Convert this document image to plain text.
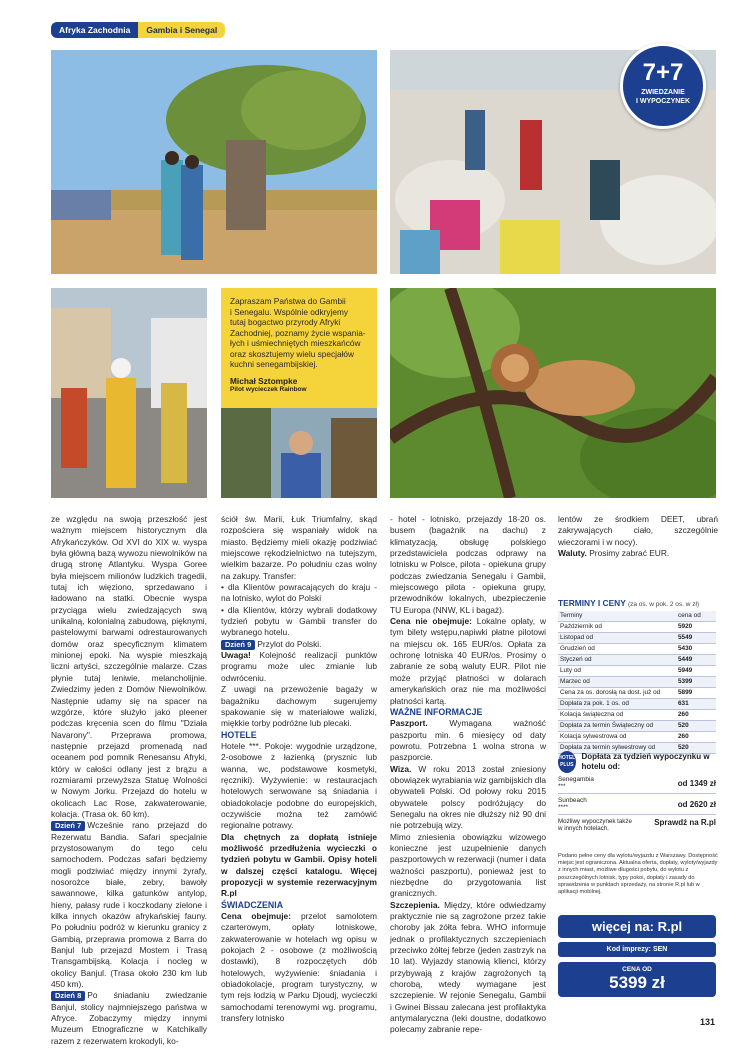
Afryka Zachodnia	Gambia i Senegal
7+7
ZWIEDZANIE
I WYPOCZYNEK
Zapraszam Państwa do Gambii
i Senegalu. Wspólnie odkryjemy
tutaj bogactwo przyrody Afryki
Zachodniej, poznamy życie wspania-
łych i uśmiechniętych mieszkańców
oraz skosztujemy wielu specjałów
kuchni senegambijskiej.
Michał Sztompke
Pilot wycieczek Rainbow

ze względu na swoją przeszłość jest ważnym miejscem historycznym dla Afrykańczyków. Od XVI do XIX w. wyspa była główną bazą wywozu niewolników na drugą stronę Atlantyku. Wyspa Goree była miejscem milionów ludzkich tragedii, tutaj ich więziono, sprzedawano i ładowano na statki. Obecnie wyspa przyciąga wielu zwiedzających swą unikalną, kolonialną zabudową, pięknymi, pastelowymi barwami odrestaurowanych domów oraz specyficznym klimatem minionej epoki. Na wyspie mieszkają liczni artyści, szczególnie malarze. Czas płynie tutaj leniwie, melancholijnie. Zwiedzimy jeden z Domów Niewolników. Następnie udamy się na spacer na wzgórze, które służyło jako pleener podczas kręcenia scen do filmu "Działa Navarony". Przeprawa promowa, następnie przejazd promenadą nad oceanem pod pomnik Renesansu Afryki, który w całości odlany jest z brązu a rozmiarami przewyższa Statuę Wolności w Nowym Jorku. Przejazd do hotelu w okolicach Lac Rose, zakwaterowanie, kolacja. (Trasa ok. 60 km).

Dzień 7 Wcześnie rano przejazd do Rezerwatu Bandia. Safari specjalnie przystosowanym do tego celu samochodem. Podczas safari będziemy mogli podziwiać między innymi żyrafy, nosorożce białe, zebry, bawoły sawannowe, kilka gatunków antylop, hieny, pałasy rude i koczkodany zielone i kilka innych okazów afrykańskiej fauny. Po południu podróż w kierunku granicy z Gambią, przeprawa promowa z Barra do Banjul lub przejazd Mostem i Trasą Transgambijską. Kolacja i nocleg w okolicy Banjul. (Trasa około 230 km lub 450 km).

Dzień 8 Po śniadaniu zwiedzanie Banjul, stolicy najmniejszego państwa w Afryce. Zobaczymy między innymi Muzeum Etnograficzne w Katchikally razem z rezerwatem krokodyli, ko-

ściół św. Marii, Łuk Triumfalny, skąd rozpościera się wspaniały widok na miasto. Będziemy mieli okazję podziwiać miejscowe rękodzielnictwo na tutejszym, wielkim bazarze. Po południu czas wolny na zakupy. Transfer:

• dla Klientów powracających do kraju - na lotnisko, wylot do Polski

• dla Klientów, którzy wybrali dodatkowy tydzień pobytu w Gambii transfer do wybranego hotelu.

Dzień 9 Przylot do Polski.

Uwaga! Kolejność realizacji punktów programu może ulec zmianie lub odwróceniu.

Z uwagi na przewożenie bagaży w bagażniku dachowym sugerujemy spakowanie się w materiałowe walizki, miękkie torby podróżne lub plecaki.

HOTELE

Hotele ***. Pokoje: wygodnie urządzone, 2-osobowe z łazienką (prysznic lub wanna, wc, podstawowe kosmetyki, ręczniki). Wyżywienie: w restauracjach hotelowych serwowane są śniadania i obiadokolacje podobne do europejskich, oczywiście można też zamówić regionalne potrawy.

Dla chętnych za dopłatą istnieje możliwość przedłużenia wycieczki o tydzień pobytu w Gambii. Opisy hoteli w dalszej części katalogu. Więcej propozycji w systemie rezerwacyjnym R.pl

ŚWIADCZENIA

Cena obejmuje: przelot samolotem czarterowym, opłaty lotniskowe, zakwaterowanie w hotelach wg opisu w pokojach 2 - osobowe (z możliwością dostawki), 8 rozpoczętych dób hotelowych, wyżywienie: śniadania i obiadokolacje, program turystyczny, w tym rejs łodzią w Parku Djoudj, wycieczki samochodami terenowymi wg. programu, transfery lotnisko

- hotel - lotnisko, przejazdy 18-20 os. busem (bagażnik na dachu) z klimatyzacją, obsługę polskiego przedstawiciela podczas odprawy na lotnisku w Polsce, pilota - opiekuna grupy podczas zwiedzania Senegalu i Gambii, miejscowego pilota - opiekuna grupy, przewodników lokalnych, ubezpieczenie TU Europa (NNW, KL i bagaż).

Cena nie obejmuje: Lokalne opłaty, w tym bilety wstępu,napiwki płatne pilotowi na miejscu ok. 165 EUR/os. Opłata za ochronę lotniska 40 EUR/os. Prosimy o zabranie ze sobą waluty EUR. Pilot nie może przyjąć płatności w dolarach amerykańskich oraz nie ma możliwości płatności kartą.

WAŻNE INFORMACJE

Paszport.	Wymagana ważność paszportu min. 6 miesięcy od daty powrotu. Potrzebna 1 wolna strona w paszporcie.

Wiza. W roku 2013 został zniesiony obowiązek wyrabiania wiz gambijskich dla obywateli Polski. Od połowy roku 2015 obywatele polscy podróżujący do Senegalu na okres nie dłuższy niż 90 dni nie potrzebują wizy.

Mimo zniesienia obowiązku wizowego konieczne jest uzupełnienie danych paszportowych w rezerwacji (numer i data ważności paszportu), ponieważ jest to niezbędne do przygotowania list granicznych.

Szczepienia. Między, które odwiedzamy praktycznie nie są zagrożone przez takie choroby jak żółta febra. WHO informuje jednak o profilaktycznych szczepieniach przeciwko żółtej febrze (jeden zastrzyk na 10 lat). Wyjazdy stanowią klienci, którzy przybywają z krajów zagrożonych tą chorobą, wtedy wymagane jest szczepienie. W rejonie Senegalu, Gambii i Gwinei Bissau zalecana jest profilaktyka antymalaryczna (leki doustne, dodatkowo polecamy zabranie repe-

lentów ze środkiem DEET, ubrań zakrywających ciało, szczególnie wieczorami i w nocy).

Waluty. Prosimy zabrać EUR.

TERMINY I CENY (za os. w pok. 2 os. w zł)
Terminy	cena od
Październik od	5920
Listopad od	5549
Grudzień od	5430
Styczeń od	5449
Luty od	5949
Marzec od	5399
Cena za os. dorosłą na dost. już od	5899
Dopłata za pok. 1 os. od	631
Kolacja świąteczna od	260
Dopłata za termin Świąteczny od	520
Kolacja sylwestrowa od	260
Dopłata za termin sylwestrowy od	520
HOTEL PLUS
Dopłata za tydzień wypoczynku w hotelu od:
Senegambia
***	od 1349 zł
Sunbeach
****	od 2620 zł
Możliwy wypoczynek także w innych hotelach.
Sprawdź na R.pl
Podano pełne ceny dla wylotu/wyjazdu z Warszawy. Dostępność miejsc jest ograniczona. Aktualna oferta, dopłaty, wyloty/wyjazdy z innych miast, możliwe długości pobytu, do wylotu z poszczególnych lotnisk, typy pokoi, dopłaty i zasady do sprawdzenia w punktach sprzedaży, na stronie R.pl lub w aplikacji mobilnej.
więcej na: R.pl
Kod imprezy: SEN
CENA OD
5399 zł
131
